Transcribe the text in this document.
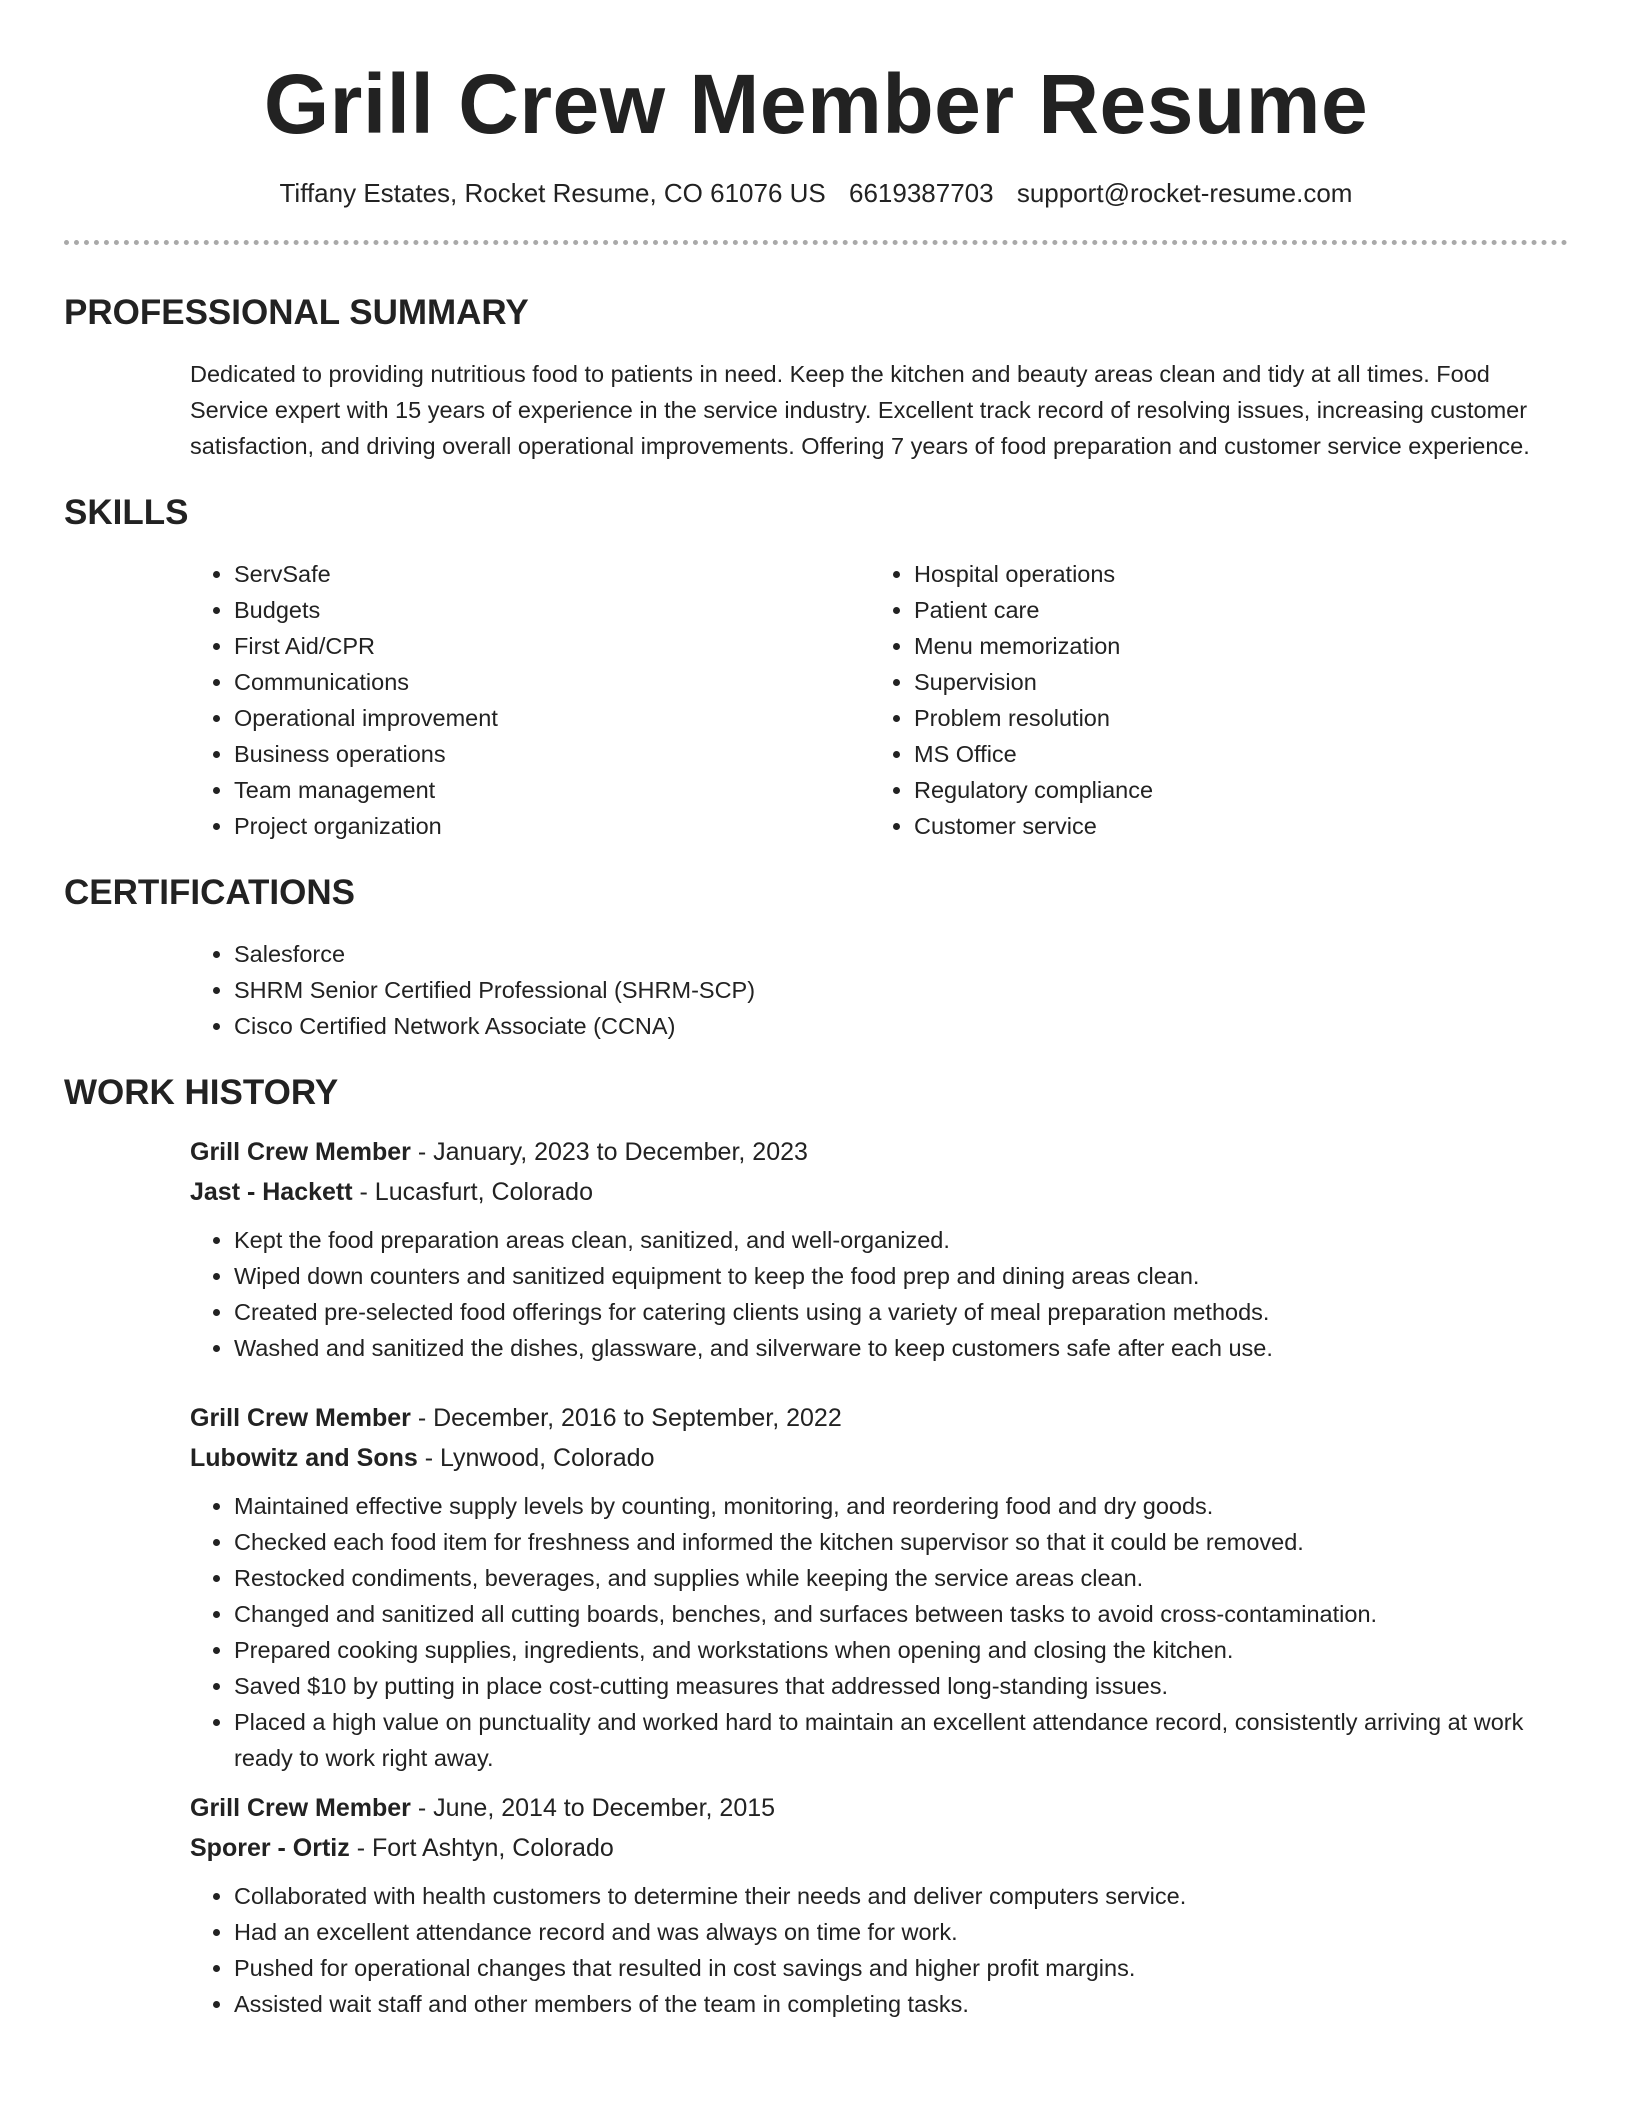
Grill Crew Member Resume
Tiffany Estates, Rocket Resume, CO 61076 US 6619387703 support@rocket-resume.com
PROFESSIONAL SUMMARY

Dedicated to providing nutritious food to patients in need. Keep the kitchen and beauty areas clean and tidy at all times. Food Service expert with 15 years of experience in the service industry. Excellent track record of resolving issues, increasing customer satisfaction, and driving overall operational improvements. Offering 7 years of food preparation and customer service experience.

SKILLS
• ServSafe
• Budgets
• First Aid/CPR
• Communications
• Operational improvement
• Business operations
• Team management
• Project organization
• Hospital operations
• Patient care
• Menu memorization
• Supervision
• Problem resolution
• MS Office
• Regulatory compliance
• Customer service
CERTIFICATIONS
• Salesforce
• SHRM Senior Certified Professional (SHRM-SCP)
• Cisco Certified Network Associate (CCNA)
WORK HISTORY
Grill Crew Member - January, 2023 to December, 2023
Jast - Hackett - Lucasfurt, Colorado
• Kept the food preparation areas clean, sanitized, and well-organized.
• Wiped down counters and sanitized equipment to keep the food prep and dining areas clean.
• Created pre-selected food offerings for catering clients using a variety of meal preparation methods.
• Washed and sanitized the dishes, glassware, and silverware to keep customers safe after each use.
Grill Crew Member - December, 2016 to September, 2022
Lubowitz and Sons - Lynwood, Colorado
• Maintained effective supply levels by counting, monitoring, and reordering food and dry goods.
• Checked each food item for freshness and informed the kitchen supervisor so that it could be removed.
• Restocked condiments, beverages, and supplies while keeping the service areas clean.
• Changed and sanitized all cutting boards, benches, and surfaces between tasks to avoid cross-contamination.
• Prepared cooking supplies, ingredients, and workstations when opening and closing the kitchen.
• Saved $10 by putting in place cost-cutting measures that addressed long-standing issues.
• Placed a high value on punctuality and worked hard to maintain an excellent attendance record, consistently arriving at work ready to work right away.
Grill Crew Member - June, 2014 to December, 2015
Sporer - Ortiz - Fort Ashtyn, Colorado
• Collaborated with health customers to determine their needs and deliver computers service.
• Had an excellent attendance record and was always on time for work.
• Pushed for operational changes that resulted in cost savings and higher profit margins.
• Assisted wait staff and other members of the team in completing tasks.
